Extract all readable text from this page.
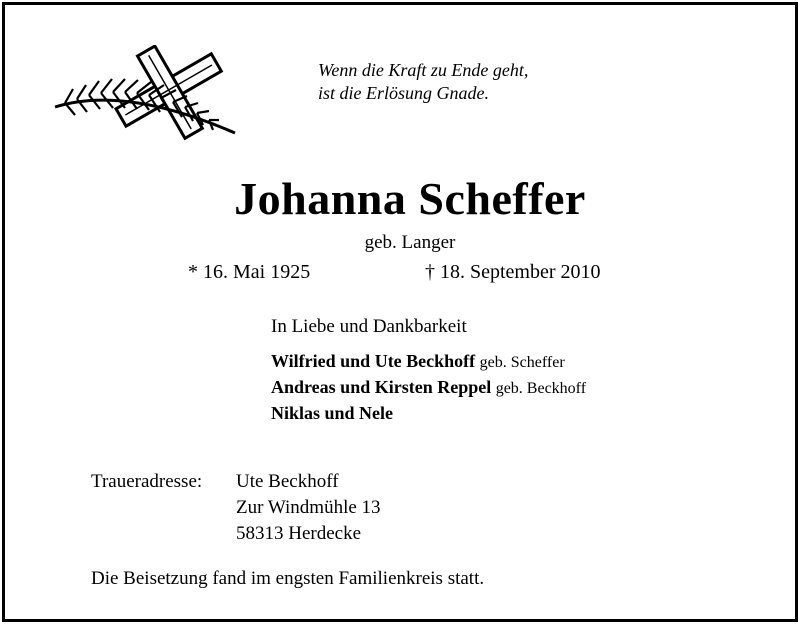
Wenn die Kraft zu Ende geht,
ist die Erlösung Gnade.
Johanna Scheffer
geb. Langer
* 16. Mai 1925	† 18. September 2010
In Liebe und Dankbarkeit
Wilfried und Ute Beckhoff geb. Scheffer
Andreas und Kirsten Reppel geb. Beckhoff
Niklas und Nele
Traueradresse: Ute Beckhoff
Zur Windmühle 13
58313 Herdecke
Die Beisetzung fand im engsten Familienkreis statt.
